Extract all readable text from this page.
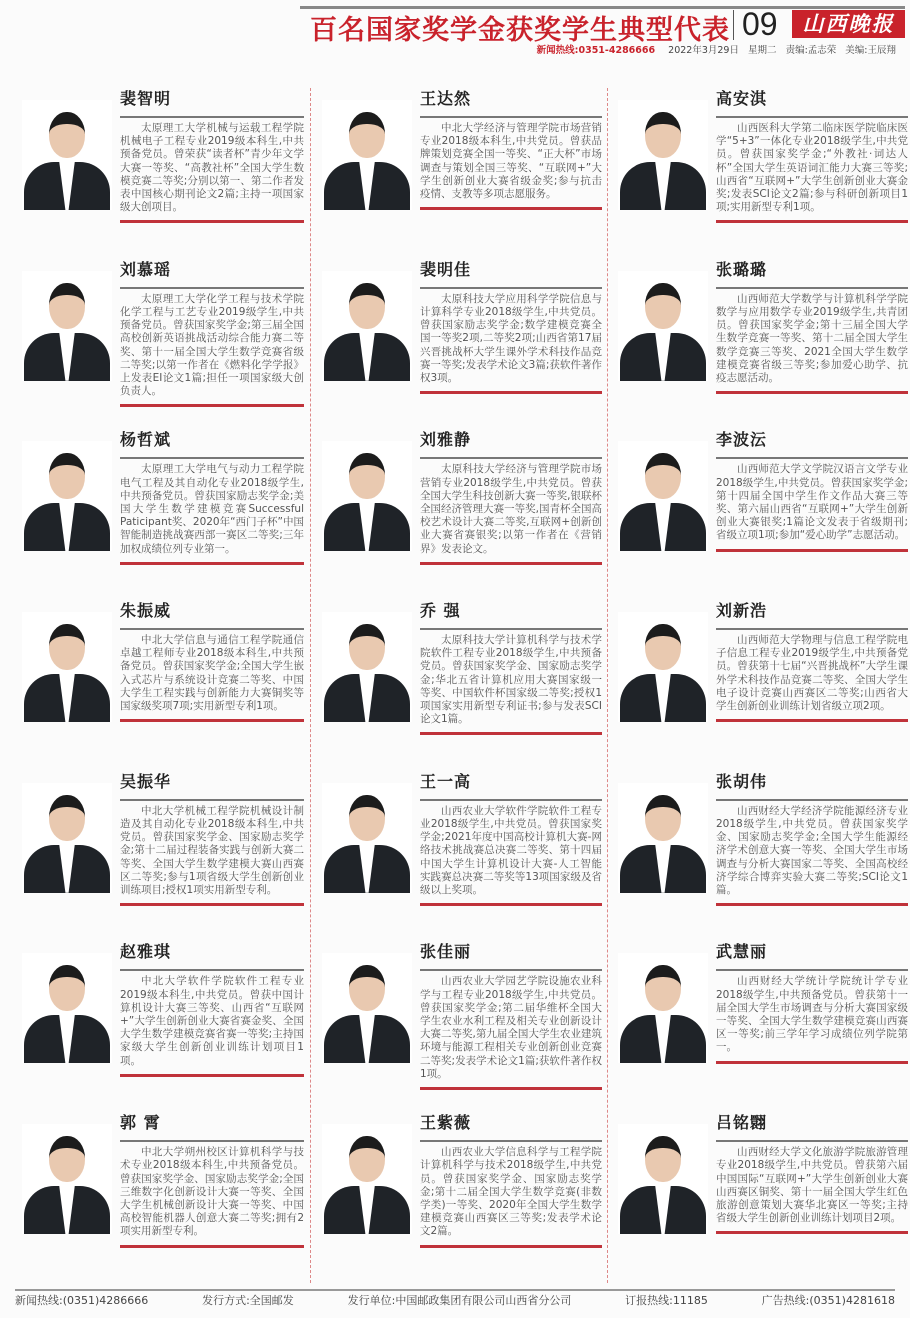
百名国家奖学金获奖学生典型代表 09	山西晚报
新闻热线:0351-4286666 2022年3月29日 星期二 责编:孟志荣 美编:王辰翔
裴智明
太原理工大学机械与运载工程学院机械电子工程专业2019级本科生,中共预备党员。曾荣获“读者杯”青少年文学大赛一等奖、“高教社杯”全国大学生数模竞赛二等奖;分别以第一、第二作者发表中国核心期刊论文2篇;主持一项国家级大创项目。
刘慕瑶
太原理工大学化学工程与技术学院化学工程与工艺专业2019级学生,中共预备党员。曾获国家奖学金;第三届全国高校创新英语挑战活动综合能力赛二等奖、第十一届全国大学生数学竞赛省级二等奖;以第一作者在《燃料化学学报》上发表EI论文1篇;担任一项国家级大创负责人。
杨哲斌
太原理工大学电气与动力工程学院电气工程及其自动化专业2018级学生,中共预备党员。曾获国家励志奖学金;美国大学生数学建模竞赛Successful Paticipant奖、2020年“西门子杯”中国智能制造挑战赛西部一赛区二等奖;三年加权成绩位列专业第一。
朱振威
中北大学信息与通信工程学院通信卓越工程师专业2018级本科生,中共预备党员。曾获国家奖学金;全国大学生嵌入式芯片与系统设计竞赛二等奖、中国大学生工程实践与创新能力大赛铜奖等国家级奖项7项;实用新型专利1项。
吴振华
中北大学机械工程学院机械设计制造及其自动化专业2018级本科生,中共党员。曾获国家奖学金、国家励志奖学金;第十二届过程装备实践与创新大赛二等奖、全国大学生数学建模大赛山西赛区二等奖;参与1项省级大学生创新创业训练项目;授权1项实用新型专利。
赵雅琪
中北大学软件学院软件工程专业2019级本科生,中共党员。曾获中国计算机设计大赛三等奖、山西省“互联网+”大学生创新创业大赛省赛金奖、全国大学生数学建模竞赛省赛一等奖;主持国家级大学生创新创业训练计划项目1项。
郭 霄
中北大学朔州校区计算机科学与技术专业2018级本科生,中共预备党员。曾获国家奖学金、国家励志奖学金;全国三维数字化创新设计大赛一等奖、全国大学生机械创新设计大赛一等奖、中国高校智能机器人创意大赛二等奖;拥有2项实用新型专利。
王达然
中北大学经济与管理学院市场营销专业2018级本科生,中共党员。曾获品牌策划竞赛全国一等奖、“正大杯”市场调查与策划全国三等奖、“互联网+”大学生创新创业大赛省级金奖;参与抗击疫情、支教等多项志愿服务。
裴明佳
太原科技大学应用科学学院信息与计算科学专业2018级学生,中共党员。曾获国家励志奖学金;数学建模竞赛全国一等奖2项,二等奖2项;山西省第17届兴晋挑战杯大学生课外学术科技作品竞赛一等奖;发表学术论文3篇;获软件著作权3项。
刘雅静
太原科技大学经济与管理学院市场营销专业2018级学生,中共党员。曾获全国大学生科技创新大赛一等奖,银联杯全国经济管理大赛一等奖,国青杯全国高校艺术设计大赛二等奖,互联网+创新创业大赛省赛银奖;以第一作者在《营销界》发表论文。
乔 强
太原科技大学计算机科学与技术学院软件工程专业2018级学生,中共预备党员。曾获国家奖学金、国家励志奖学金;华北五省计算机应用大赛国家级一等奖、中国软件杯国家级二等奖;授权1项国家实用新型专利证书;参与发表SCI论文1篇。
王一高
山西农业大学软件学院软件工程专业2018级学生,中共党员。曾获国家奖学金;2021年度中国高校计算机大赛-网络技术挑战赛总决赛二等奖、第十四届中国大学生计算机设计大赛-人工智能实践赛总决赛二等奖等13项国家级及省级以上奖项。
张佳丽
山西农业大学园艺学院设施农业科学与工程专业2018级学生,中共党员。曾获国家奖学金;第二届华维杯全国大学生农业水利工程及相关专业创新设计大赛二等奖,第九届全国大学生农业建筑环境与能源工程相关专业创新创业竞赛二等奖;发表学术论文1篇;获软件著作权1项。
王紫薇
山西农业大学信息科学与工程学院计算机科学与技术2018级学生,中共党员。曾获国家奖学金、国家励志奖学金;第十二届全国大学生数学竞赛(非数学类)一等奖、2020年全国大学生数学建模竞赛山西赛区三等奖;发表学术论文2篇。
高安淇
山西医科大学第二临床医学院临床医学“5+3”一体化专业2018级学生,中共党员。曾获国家奖学金;“外教社·词达人杯”全国大学生英语词汇能力大赛三等奖;山西省“互联网+”大学生创新创业大赛金奖;发表SCI论文2篇;参与科研创新项目1项;实用新型专利1项。
张璐璐
山西师范大学数学与计算机科学学院数学与应用数学专业2019级学生,共青团员。曾获国家奖学金;第十三届全国大学生数学竞赛一等奖、第十二届全国大学生数学竞赛三等奖、2021全国大学生数学建模竞赛省级三等奖;参加爱心助学、抗疫志愿活动。
李波沄
山西师范大学文学院汉语言文学专业2018级学生,中共党员。曾获国家奖学金;第十四届全国中学生作文作品大赛三等奖、第六届山西省“互联网+”大学生创新创业大赛银奖;1篇论文发表于省级期刊;省级立项1项;参加“爱心助学”志愿活动。
刘新浩
山西师范大学物理与信息工程学院电子信息工程专业2019级学生,中共预备党员。曾获第十七届“兴晋挑战杯”大学生课外学术科技作品竞赛二等奖、全国大学生电子设计竞赛山西赛区二等奖;山西省大学生创新创业训练计划省级立项2项。
张胡伟
山西财经大学经济学院能源经济专业2018级学生,中共党员。曾获国家奖学金、国家励志奖学金;全国大学生能源经济学术创意大赛一等奖、全国大学生市场调查与分析大赛国家二等奖、全国高校经济学综合博弈实验大赛二等奖;SCI论文1篇。
武慧丽
山西财经大学统计学院统计学专业2018级学生,中共预备党员。曾获第十一届全国大学生市场调查与分析大赛国家级一等奖、全国大学生数学建模竞赛山西赛区一等奖;前三学年学习成绩位列学院第一。
吕铭翾
山西财经大学文化旅游学院旅游管理专业2018级学生,中共党员。曾获第六届中国国际“互联网+”大学生创新创业大赛山西赛区铜奖、第十一届全国大学生红色旅游创意策划大赛华北赛区一等奖;主持省级大学生创新创业训练计划项目2项。
新闻热线:(0351)4286666	发行方式:全国邮发	发行单位:中国邮政集团有限公司山西省分公司	订报热线:11185	广告热线:(0351)4281618
